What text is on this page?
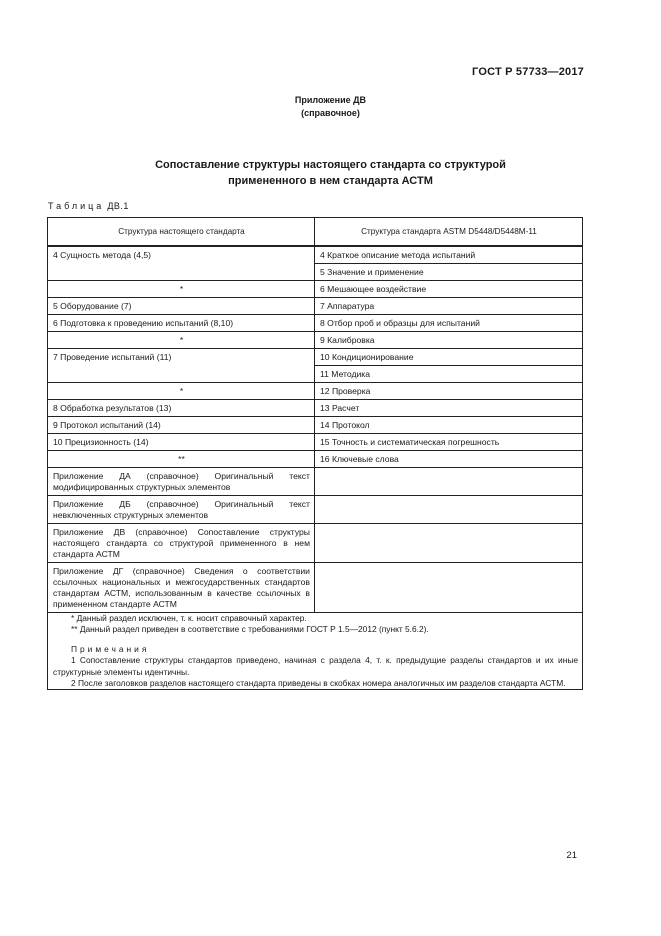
ГОСТ Р 57733—2017
Приложение ДВ
(справочное)
Сопоставление структуры настоящего стандарта со структурой
примененного в нем стандарта АСТМ
Таблица ДВ.1
Структура настоящего стандарта	Структура стандарта ASTM D5448/D5448M-11
4 Сущность метода (4,5)	4 Краткое описание метода испытаний
	5 Значение и применение
*	6 Мешающее воздействие
5 Оборудование (7)	7 Аппаратура
6 Подготовка к проведению испытаний (8,10)	8 Отбор проб и образцы для испытаний
*	9 Калибровка
7 Проведение испытаний (11)	10 Кондиционирование
	11 Методика
*	12 Проверка
8 Обработка результатов (13)	13 Расчет
9 Протокол испытаний (14)	14 Протокол
10 Прецизионность (14)	15 Точность и систематическая погрешность
**	16 Ключевые слова
Приложение ДА (справочное) Оригинальный текст модифицированных структурных элементов	
Приложение ДБ (справочное) Оригинальный текст невключенных структурных элементов	
Приложение ДВ (справочное) Сопоставление структуры настоящего стандарта со структурой примененного в нем стандарта АСТМ	
Приложение ДГ (справочное) Сведения о соответствии ссылочных национальных и межгосударственных стандартов стандартам АСТМ, использованным в качестве ссылочных в примененном стандарте АСТМ	

* Данный раздел исключен, т. к. носит справочный характер.
** Данный раздел приведен в соответствие с требованиями ГОСТ Р 1.5—2012 (пункт 5.6.2).
Примечания
1 Сопоставление структуры стандартов приведено, начиная с раздела 4, т. к. предыдущие разделы стандартов и их иные структурные элементы идентичны.
2 После заголовков разделов настоящего стандарта приведены в скобках номера аналогичных им разделов стандарта АСТМ.	
21
